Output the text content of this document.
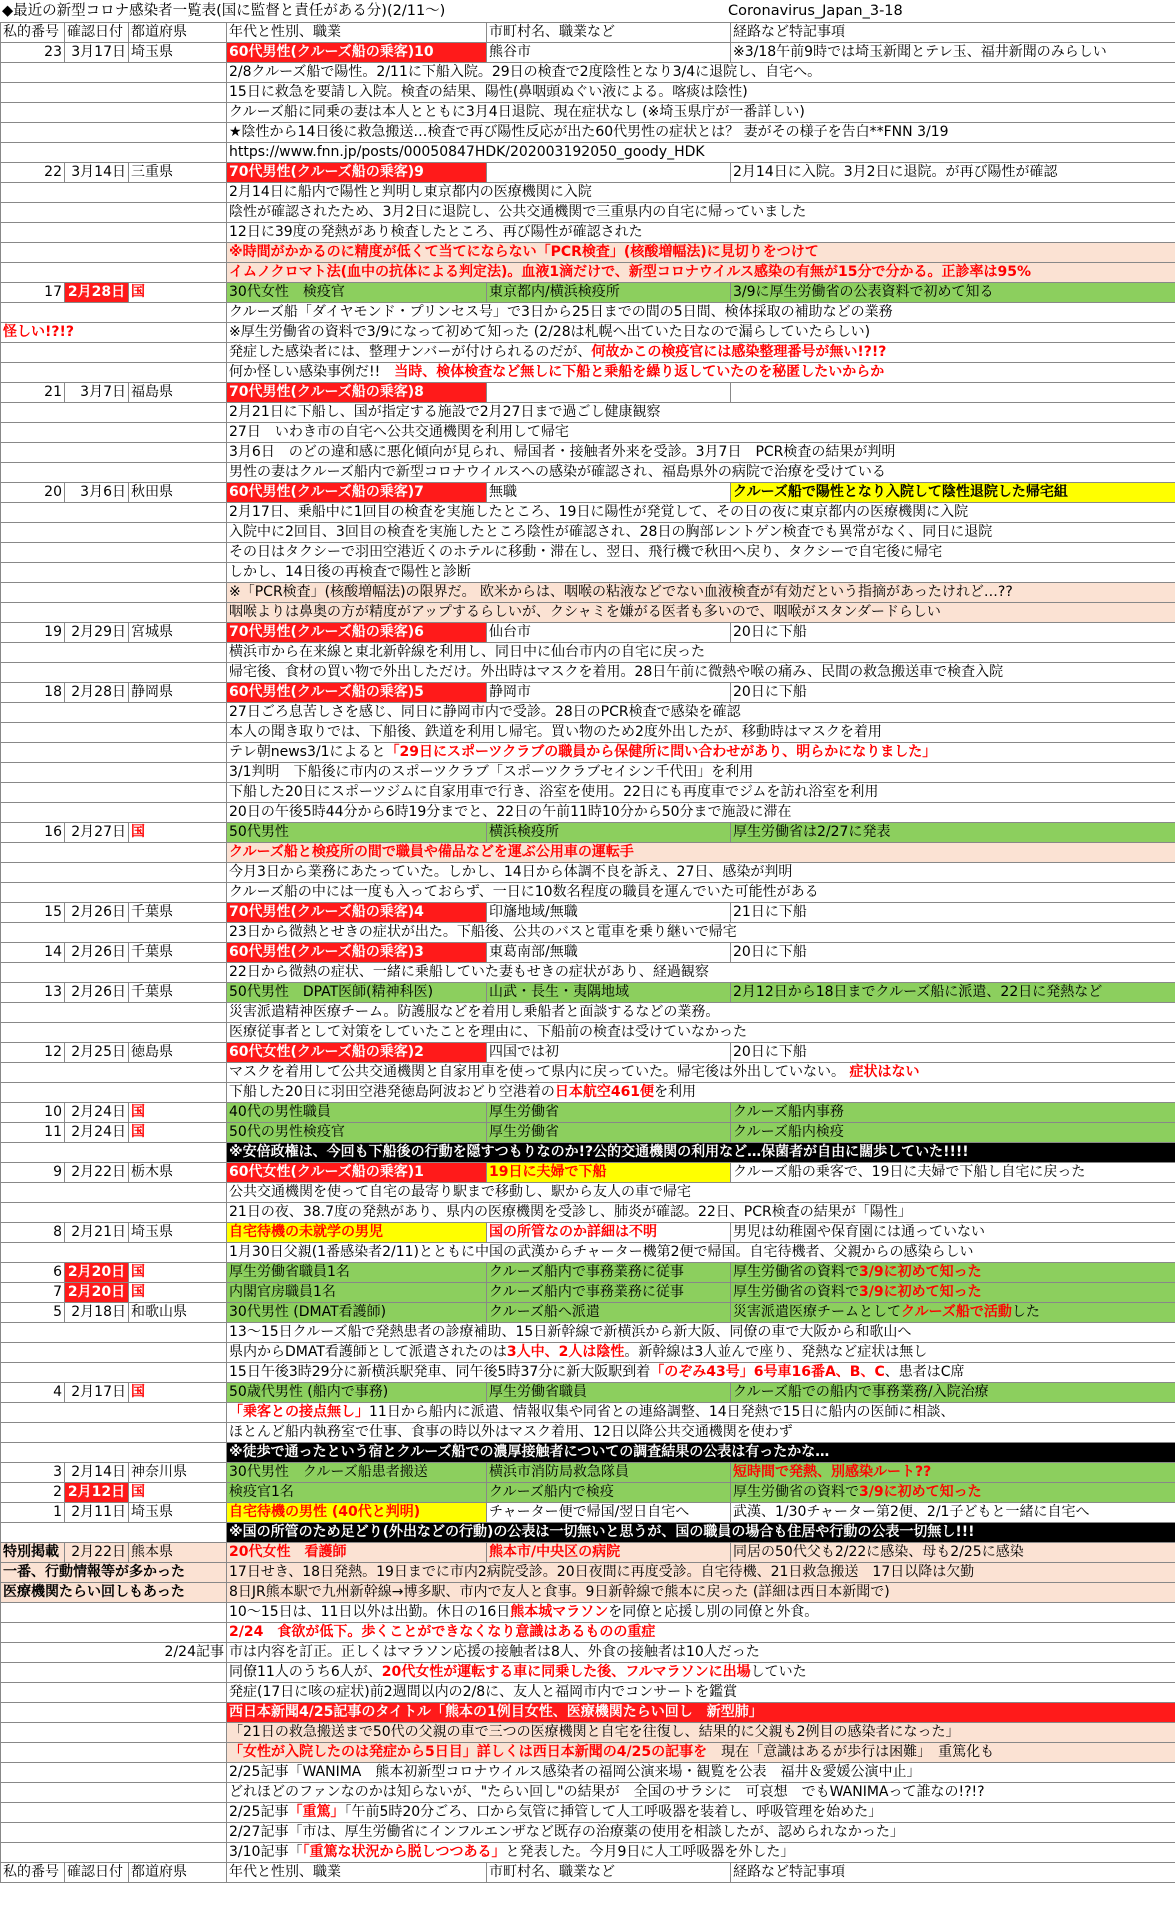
◆最近の新型コロナ感染者一覧表(国に監督と責任がある分)(2/11～)	Coronavirus_Japan_3-18
私的番号	確認日付	都道府県	年代と性別、職業	市町村名、職業など	経路など特記事項
23	3月17日	埼玉県	60代男性(クルーズ船の乗客)10	熊谷市	※3/18午前9時では埼玉新聞とテレ玉、福井新聞のみらしい
			2/8クルーズ船で陽性。2/11に下船入院。29日の検査で2度陰性となり3/4に退院し、自宅へ。		
			15日に救急を要請し入院。検査の結果、陽性(鼻咽頭ぬぐい液による。喀痰は陰性)		
			クルーズ船に同乗の妻は本人とともに3月4日退院、現在症状なし (※埼玉県庁が一番詳しい)		
			★陰性から14日後に救急搬送…検査で再び陽性反応が出た60代男性の症状とは？ 妻がその様子を告白**FNN 3/19		
			https://www.fnn.jp/posts/00050847HDK/202003192050_goody_HDK		
22	3月14日	三重県	70代男性(クルーズ船の乗客)9		2月14日に入院。3月2日に退院。が再び陽性が確認
			2月14日に船内で陽性と判明し東京都内の医療機関に入院		
			陰性が確認されたため、3月2日に退院し、公共交通機関で三重県内の自宅に帰っていました		
			12日に39度の発熱があり検査したところ、再び陽性が確認された		
			※時間がかかるのに精度が低くて当てにならない「PCR検査」(核酸増幅法)に見切りをつけて		
			イムノクロマト法(血中の抗体による判定法)。血液1滴だけで、新型コロナウイルス感染の有無が15分で分かる。正診率は95%		
17	2月28日	国	30代女性　検疫官	東京都内/横浜検疫所	3/9に厚生労働省の公表資料で初めて知る
			クルーズ船「ダイヤモンド・プリンセス号」で3日から25日までの間の5日間、検体採取の補助などの業務		
怪しい!?!?			※厚生労働省の資料で3/9になって初めて知った (2/28は札幌へ出ていた日なので漏らしていたらしい)		
			発症した感染者には、整理ナンバーが付けられるのだが、何故かこの検疫官には感染整理番号が無い!?!?		
			何か怪しい感染事例だ!!　当時、検体検査など無しに下船と乗船を繰り返していたのを秘匿したいからか		
21	3月7日	福島県	70代男性(クルーズ船の乗客)8		
			2月21日に下船し、国が指定する施設で2月27日まで過ごし健康観察		
			27日　いわき市の自宅へ公共交通機関を利用して帰宅		
			3月6日　のどの違和感に悪化傾向が見られ、帰国者・接触者外来を受診。3月7日　PCR検査の結果が判明		
			男性の妻はクルーズ船内で新型コロナウイルスへの感染が確認され、福島県外の病院で治療を受けている		
20	3月6日	秋田県	60代男性(クルーズ船の乗客)7	無職	クルーズ船で陽性となり入院して陰性退院した帰宅組
			2月17日、乗船中に1回目の検査を実施したところ、19日に陽性が発覚して、その日の夜に東京都内の医療機関に入院		
			入院中に2回目、3回目の検査を実施したところ陰性が確認され、28日の胸部レントゲン検査でも異常がなく、同日に退院		
			その日はタクシーで羽田空港近くのホテルに移動・滞在し、翌日、飛行機で秋田へ戻り、タクシーで自宅後に帰宅		
			しかし、14日後の再検査で陽性と診断		
			※「PCR検査」(核酸増幅法)の限界だ。 欧米からは、咽喉の粘液などでない血液検査が有効だという指摘があったけれど…??		
			咽喉よりは鼻奥の方が精度がアップするらしいが、クシャミを嫌がる医者も多いので、咽喉がスタンダードらしい		
19	2月29日	宮城県	70代男性(クルーズ船の乗客)6	仙台市	20日に下船
			横浜市から在来線と東北新幹線を利用し、同日中に仙台市内の自宅に戻った		
			帰宅後、食材の買い物で外出しただけ。外出時はマスクを着用。28日午前に微熱や喉の痛み、民間の救急搬送車で検査入院		
18	2月28日	静岡県	60代男性(クルーズ船の乗客)5	静岡市	20日に下船
			27日ごろ息苦しさを感じ、同日に静岡市内で受診。28日のPCR検査で感染を確認		
			本人の聞き取りでは、下船後、鉄道を利用し帰宅。買い物のため2度外出したが、移動時はマスクを着用		
			テレ朝news3/1によると「29日にスポーツクラブの職員から保健所に問い合わせがあり、明らかになりました」		
			3/1判明　下船後に市内のスポーツクラブ「スポーツクラブセイシン千代田」を利用		
			下船した20日にスポーツジムに自家用車で行き、浴室を使用。22日にも再度車でジムを訪れ浴室を利用		
			20日の午後5時44分から6時19分までと、22日の午前11時10分から50分まで施設に滞在		
16	2月27日	国	50代男性	横浜検疫所	厚生労働省は2/27に発表
			クルーズ船と検疫所の間で職員や備品などを運ぶ公用車の運転手		
			今月3日から業務にあたっていた。しかし、14日から体調不良を訴え、27日、感染が判明		
			クルーズ船の中には一度も入っておらず、一日に10数名程度の職員を運んでいた可能性がある		
15	2月26日	千葉県	70代男性(クルーズ船の乗客)4	印旛地域/無職	21日に下船
			23日から微熱とせきの症状が出た。下船後、公共のバスと電車を乗り継いで帰宅		
14	2月26日	千葉県	60代男性(クルーズ船の乗客)3	東葛南部/無職	20日に下船
			22日から微熱の症状、一緒に乗船していた妻もせきの症状があり、経過観察		
13	2月26日	千葉県	50代男性　DPAT医師(精神科医)	山武・長生・夷隅地域	2月12日から18日までクルーズ船に派遣、22日に発熱など
			災害派遣精神医療チーム。防護服などを着用し乗船者と面談するなどの業務。		
			医療従事者として対策をしていたことを理由に、下船前の検査は受けていなかった		
12	2月25日	徳島県	60代女性(クルーズ船の乗客)2	四国では初	20日に下船
			マスクを着用して公共交通機関と自家用車を使って県内に戻っていた。帰宅後は外出していない。 症状はない		
			下船した20日に羽田空港発徳島阿波おどり空港着の日本航空461便を利用		
10	2月24日	国	40代の男性職員	厚生労働省	クルーズ船内事務
11	2月24日	国	50代の男性検疫官	厚生労働省	クルーズ船内検疫
			※安倍政権は、今回も下船後の行動を隠すつもりなのか!?公的交通機関の利用など…保菌者が自由に闊歩していた!!!!		
9	2月22日	栃木県	60代女性(クルーズ船の乗客)1	19日に夫婦で下船	クルーズ船の乗客で、19日に夫婦で下船し自宅に戻った
			公共交通機関を使って自宅の最寄り駅まで移動し、駅から友人の車で帰宅		
			21日の夜、38.7度の発熱があり、県内の医療機関を受診し、肺炎が確認。22日、PCR検査の結果が「陽性」		
8	2月21日	埼玉県	自宅待機の未就学の男児	国の所管なのか詳細は不明	男児は幼稚園や保育園には通っていない
			1月30日父親(1番感染者2/11)とともに中国の武漢からチャーター機第2便で帰国。自宅待機者、父親からの感染らしい		
6	2月20日	国	厚生労働省職員1名	クルーズ船内で事務業務に従事	厚生労働省の資料で3/9に初めて知った
7	2月20日	国	内閣官房職員1名	クルーズ船内で事務業務に従事	厚生労働省の資料で3/9に初めて知った
5	2月18日	和歌山県	30代男性 (DMAT看護師)	クルーズ船へ派遣	災害派遣医療チームとしてクルーズ船で活動した
			13～15日クルーズ船で発熱患者の診療補助、15日新幹線で新横浜から新大阪、同僚の車で大阪から和歌山へ		
			県内からDMAT看護師として派遣されたのは3人中、2人は陰性。新幹線は3人並んで座り、発熱など症状は無し		
			15日午後3時29分に新横浜駅発車、同午後5時37分に新大阪駅到着「のぞみ43号」6号車16番A、B、C、患者はC席		
4	2月17日	国	50歳代男性 (船内で事務)	厚生労働省職員	クルーズ船での船内で事務業務/入院治療
			「乗客との接点無し」11日から船内に派遣、情報収集や同省との連絡調整、14日発熱で15日に船内の医師に相談、		
			ほとんど船内執務室で仕事、食事の時以外はマスク着用、12日以降公共交通機関を使わず		
			※徒歩で通ったという宿とクルーズ船での濃厚接触者についての調査結果の公表は有ったかな…		
3	2月14日	神奈川県	30代男性　クルーズ船患者搬送	横浜市消防局救急隊員	短時間で発熱、別感染ルート??
2	2月12日	国	検疫官1名	クルーズ船内で検疫	厚生労働省の資料で3/9に初めて知った
1	2月11日	埼玉県	自宅待機の男性 (40代と判明)	チャーター便で帰国/翌日自宅へ	武漢、1/30チャーター第2便、2/1子どもと一緒に自宅へ
			※国の所管のため足どり(外出などの行動)の公表は一切無いと思うが、国の職員の場合も住居や行動の公表一切無し!!!		
特別掲載	2月22日	熊本県	20代女性　看護師	熊本市/中央区の病院	同居の50代父も2/22に感染、母も2/25に感染
一番、行動情報等が多かった			17日せき、18日発熱。19日までに市内2病院受診。20日夜間に再度受診。自宅待機、21日救急搬送　17日以降は欠勤		
医療機関たらい回しもあった			8日JR熊本駅で九州新幹線→博多駅、市内で友人と食事。9日新幹線で熊本に戻った (詳細は西日本新聞で)		
			10～15日は、11日以外は出勤。休日の16日熊本城マラソンを同僚と応援し別の同僚と外食。		
			2/24　食欲が低下。歩くことができなくなり意識はあるものの重症		
2/24記事			市は内容を訂正。正しくはマラソン応援の接触者は8人、外食の接触者は10人だった		
			同僚11人のうち6人が、20代女性が運転する車に同乗した後、フルマラソンに出場していた		
			発症(17日に咳の症状)前2週間以内の2/8に、友人と福岡市内でコンサートを鑑賞		
			西日本新聞4/25記事のタイトル「熊本の1例目女性、医療機関たらい回し　新型肺」		
			「21日の救急搬送まで50代の父親の車で三つの医療機関と自宅を往復し、結果的に父親も2例目の感染者になった」		
			「女性が入院したのは発症から5日目」詳しくは西日本新聞の4/25の記事を　現在「意識はあるが歩行は困難」　重篤化も		
			2/25記事「WANIMA　熊本初新型コロナウイルス感染者の福岡公演来場・観覧を公表　福井＆愛媛公演中止」		
			どれほどのファンなのかは知らないが、"たらい回し"の結果が　全国のサラシに　可哀想　でもWANIMAって誰なの!?!?		
			2/25記事「重篤」「午前5時20分ごろ、口から気管に挿管して人工呼吸器を装着し、呼吸管理を始めた」		
			2/27記事「市は、厚生労働省にインフルエンザなど既存の治療薬の使用を相談したが、認められなかった」		
			3/10記事「「重篤な状況から脱しつつある」と発表した。今月9日に人工呼吸器を外した」		
私的番号	確認日付	都道府県	年代と性別、職業	市町村名、職業など	経路など特記事項
